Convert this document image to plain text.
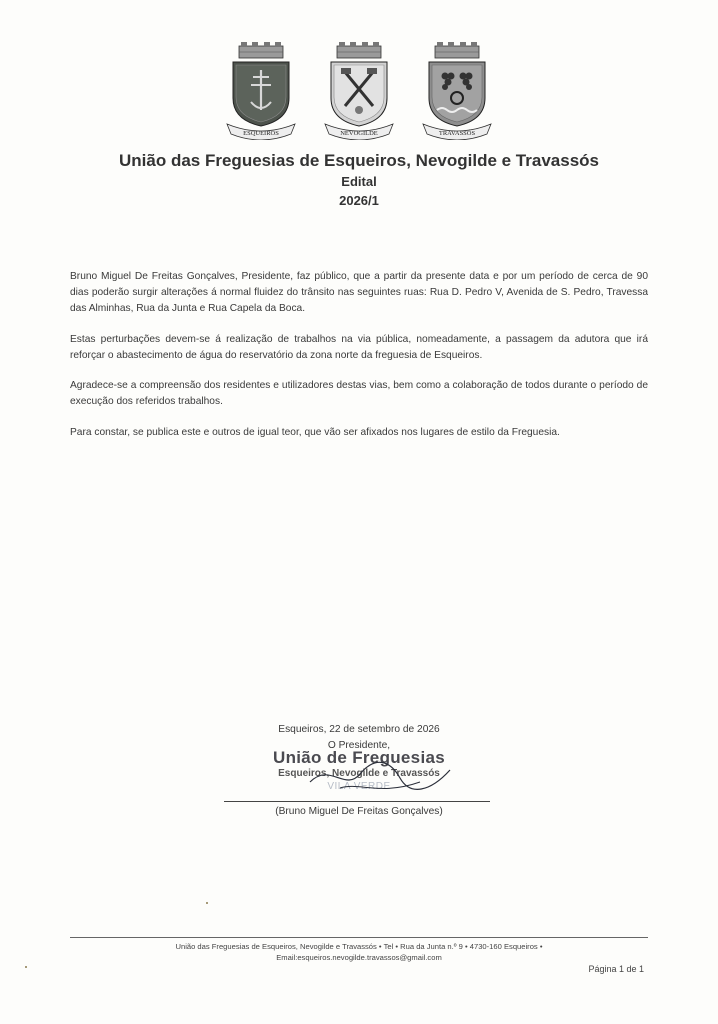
ESQUEIROS	NEVOGILDE	TRAVASSÓS
União das Freguesias de Esqueiros, Nevogilde e Travassós
Edital
2026/1
Bruno Miguel De Freitas Gonçalves, Presidente, faz público, que a partir da presente data e por um período de cerca de 90 dias poderão surgir alterações á normal fluidez do trânsito nas seguintes ruas: Rua D. Pedro V, Avenida de S. Pedro, Travessa das Alminhas, Rua da Junta e Rua Capela da Boca.
Estas perturbações devem-se á realização de trabalhos na via pública, nomeadamente, a passagem da adutora que irá reforçar o abastecimento de água do reservatório da zona norte da freguesia de Esqueiros.
Agradece-se a compreensão dos residentes e utilizadores destas vias, bem como a colaboração de todos durante o período de execução dos referidos trabalhos.
Para constar, se publica este e outros de igual teor, que vão ser afixados nos lugares de estilo da Freguesia.
Esqueiros, 22 de setembro de 2026
O Presidente,
União de Freguesias
Esqueiros, Nevogilde e Travassós
VILA VERDE
(Bruno Miguel De Freitas Gonçalves)
União das Freguesias de Esqueiros, Nevogilde e Travassós • Tel • Rua da Junta n.º 9 • 4730-160 Esqueiros •
Email:esqueiros.nevogilde.travassos@gmail.com
Página 1 de 1
